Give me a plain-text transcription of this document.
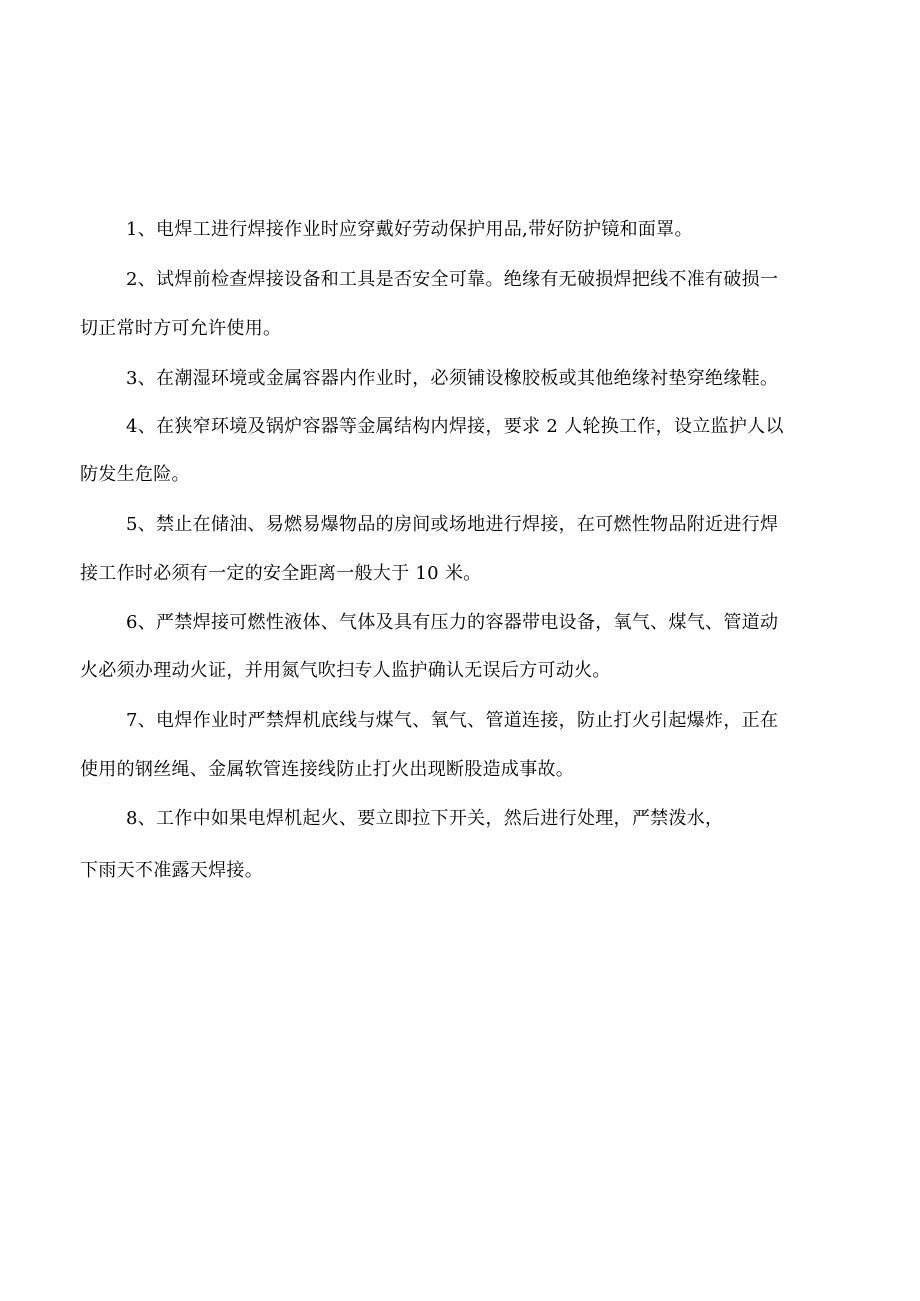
1、电焊工进行焊接作业时应穿戴好劳动保护用品,带好防护镜和面罩。
2、试焊前检查焊接设备和工具是否安全可靠。绝缘有无破损焊把线不准有破损一
切正常时方可允许使用。
3、在潮湿环境或金属容器内作业时，必须铺设橡胶板或其他绝缘衬垫穿绝缘鞋。
4、在狭窄环境及锅炉容器等金属结构内焊接，要求 2 人轮换工作，设立监护人以
防发生危险。
5、禁止在储油、易燃易爆物品的房间或场地进行焊接，在可燃性物品附近进行焊
接工作时必须有一定的安全距离一般大于 10 米。
6、严禁焊接可燃性液体、气体及具有压力的容器带电设备，氧气、煤气、管道动
火必须办理动火证，并用氮气吹扫专人监护确认无误后方可动火。
7、电焊作业时严禁焊机底线与煤气、氧气、管道连接，防止打火引起爆炸，正在
使用的钢丝绳、金属软管连接线防止打火出现断股造成事故。
8、工作中如果电焊机起火、要立即拉下开关，然后进行处理，严禁泼水，
下雨天不准露天焊接。
